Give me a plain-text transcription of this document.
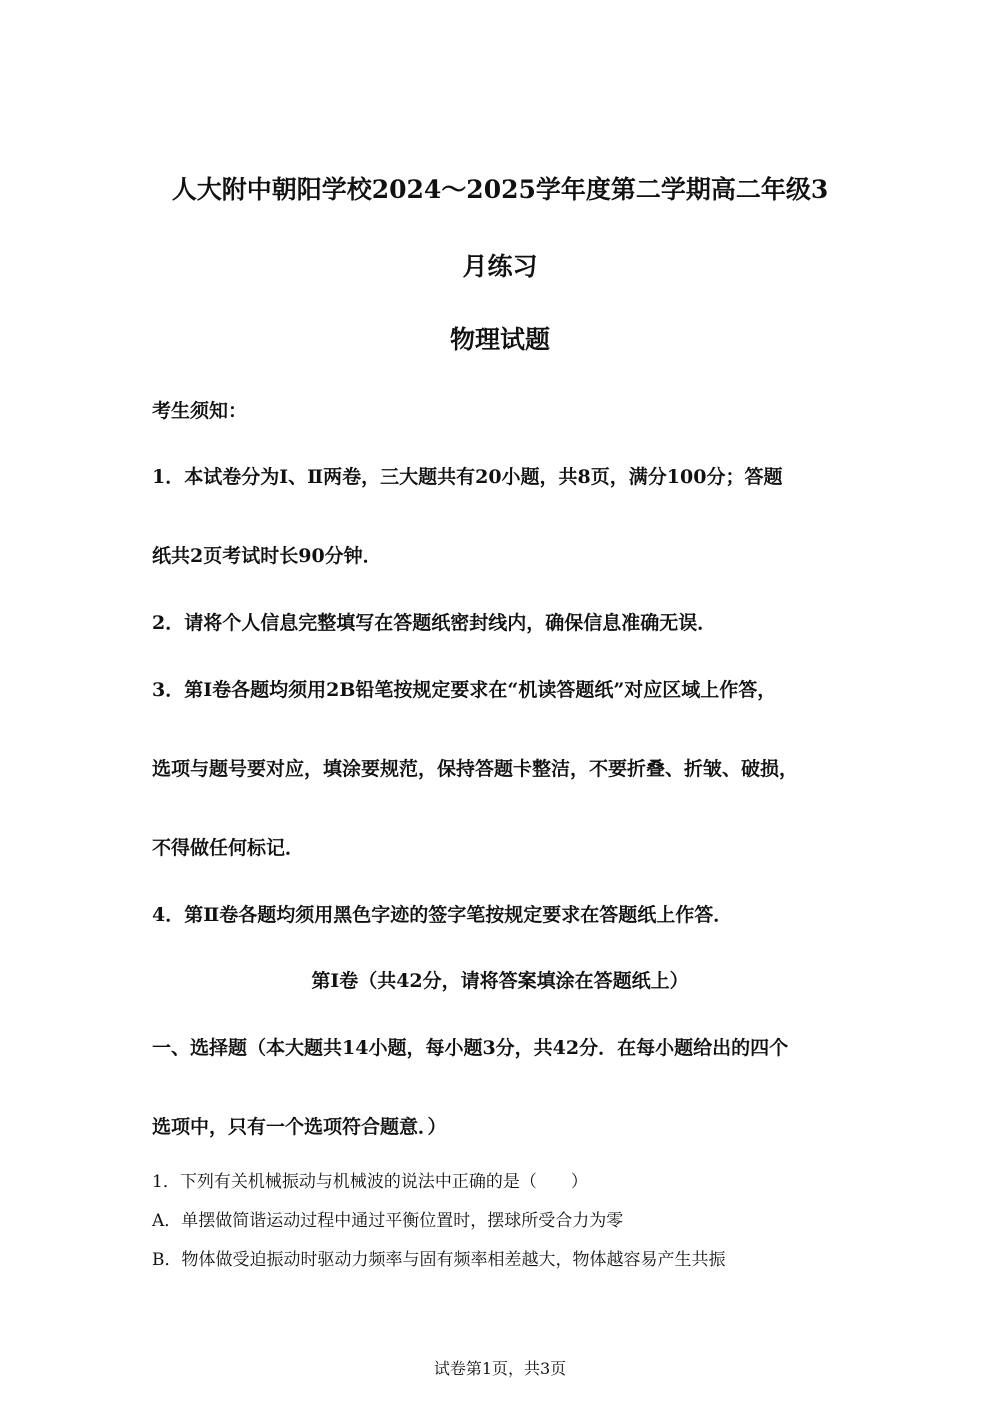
人大附中朝阳学校2024～2025学年度第二学期高二年级3
月练习
物理试题
考生须知：
1．本试卷分为Ⅰ、Ⅱ两卷，三大题共有20小题，共8页，满分100分；答题
纸共2页考试时长90分钟．
2．请将个人信息完整填写在答题纸密封线内，确保信息准确无误．
3．第Ⅰ卷各题均须用2B铅笔按规定要求在“机读答题纸”对应区域上作答，
选项与题号要对应，填涂要规范，保持答题卡整洁，不要折叠、折皱、破损，
不得做任何标记．
4．第Ⅱ卷各题均须用黑色字迹的签字笔按规定要求在答题纸上作答．
第Ⅰ卷（共42分，请将答案填涂在答题纸上）
一、选择题（本大题共14小题，每小题3分，共42分．在每小题给出的四个
选项中，只有一个选项符合题意．）
1．下列有关机械振动与机械波的说法中正确的是（　　）
A．单摆做简谐运动过程中通过平衡位置时，摆球所受合力为零
B．物体做受迫振动时驱动力频率与固有频率相差越大，物体越容易产生共振
试卷第1页，共3页
